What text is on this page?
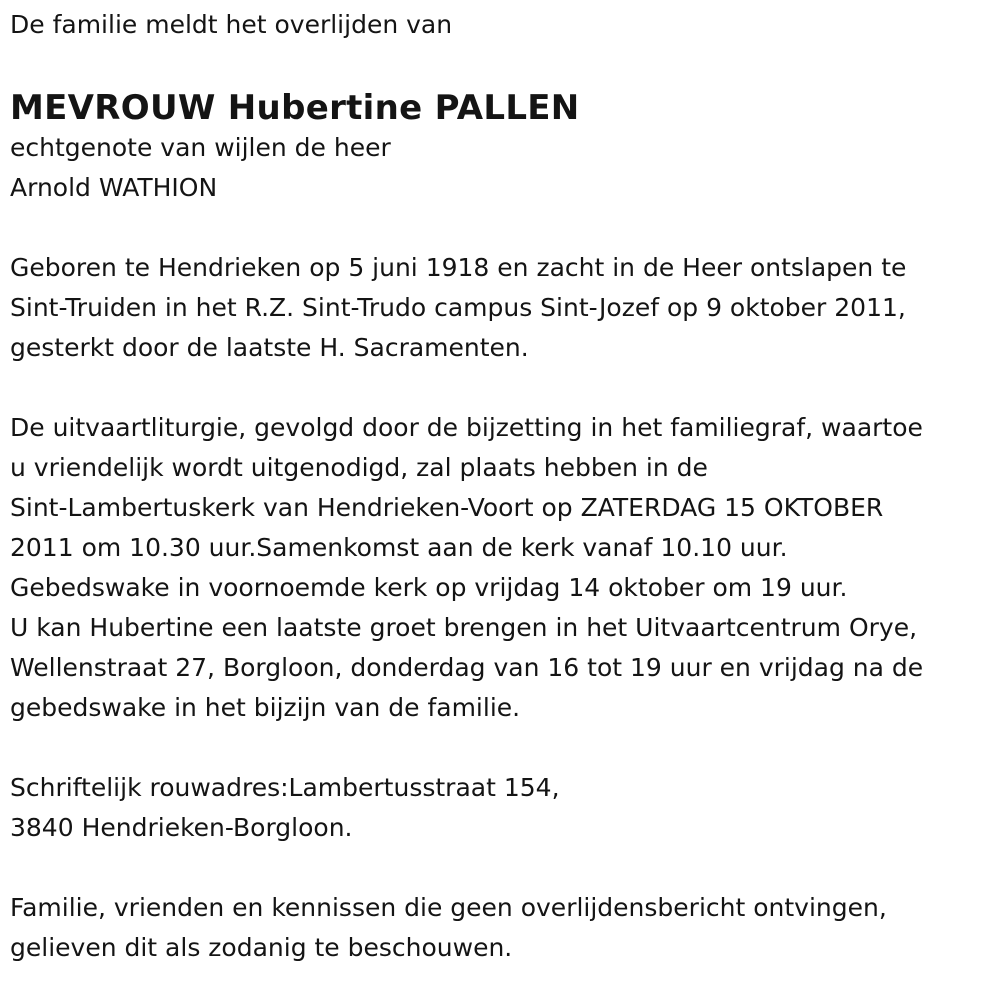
De familie meldt het overlijden van
MEVROUW Hubertine PALLEN
echtgenote van wijlen de heer
Arnold WATHION
Geboren te Hendrieken op 5 juni 1918 en zacht in de Heer ontslapen te
Sint-Truiden in het R.Z. Sint-Trudo campus Sint-Jozef op 9 oktober 2011,
gesterkt door de laatste H. Sacramenten.
De uitvaartliturgie, gevolgd door de bijzetting in het familiegraf, waartoe
u vriendelijk wordt uitgenodigd, zal plaats hebben in de
Sint-Lambertuskerk van Hendrieken-Voort op ZATERDAG 15 OKTOBER
2011 om 10.30 uur.Samenkomst aan de kerk vanaf 10.10 uur.
Gebedswake in voornoemde kerk op vrijdag 14 oktober om 19 uur.
U kan Hubertine een laatste groet brengen in het Uitvaartcentrum Orye,
Wellenstraat 27, Borgloon, donderdag van 16 tot 19 uur en vrijdag na de
gebedswake in het bijzijn van de familie.
Schriftelijk rouwadres:Lambertusstraat 154,
3840 Hendrieken-Borgloon.
Familie, vrienden en kennissen die geen overlijdensbericht ontvingen,
gelieven dit als zodanig te beschouwen.
